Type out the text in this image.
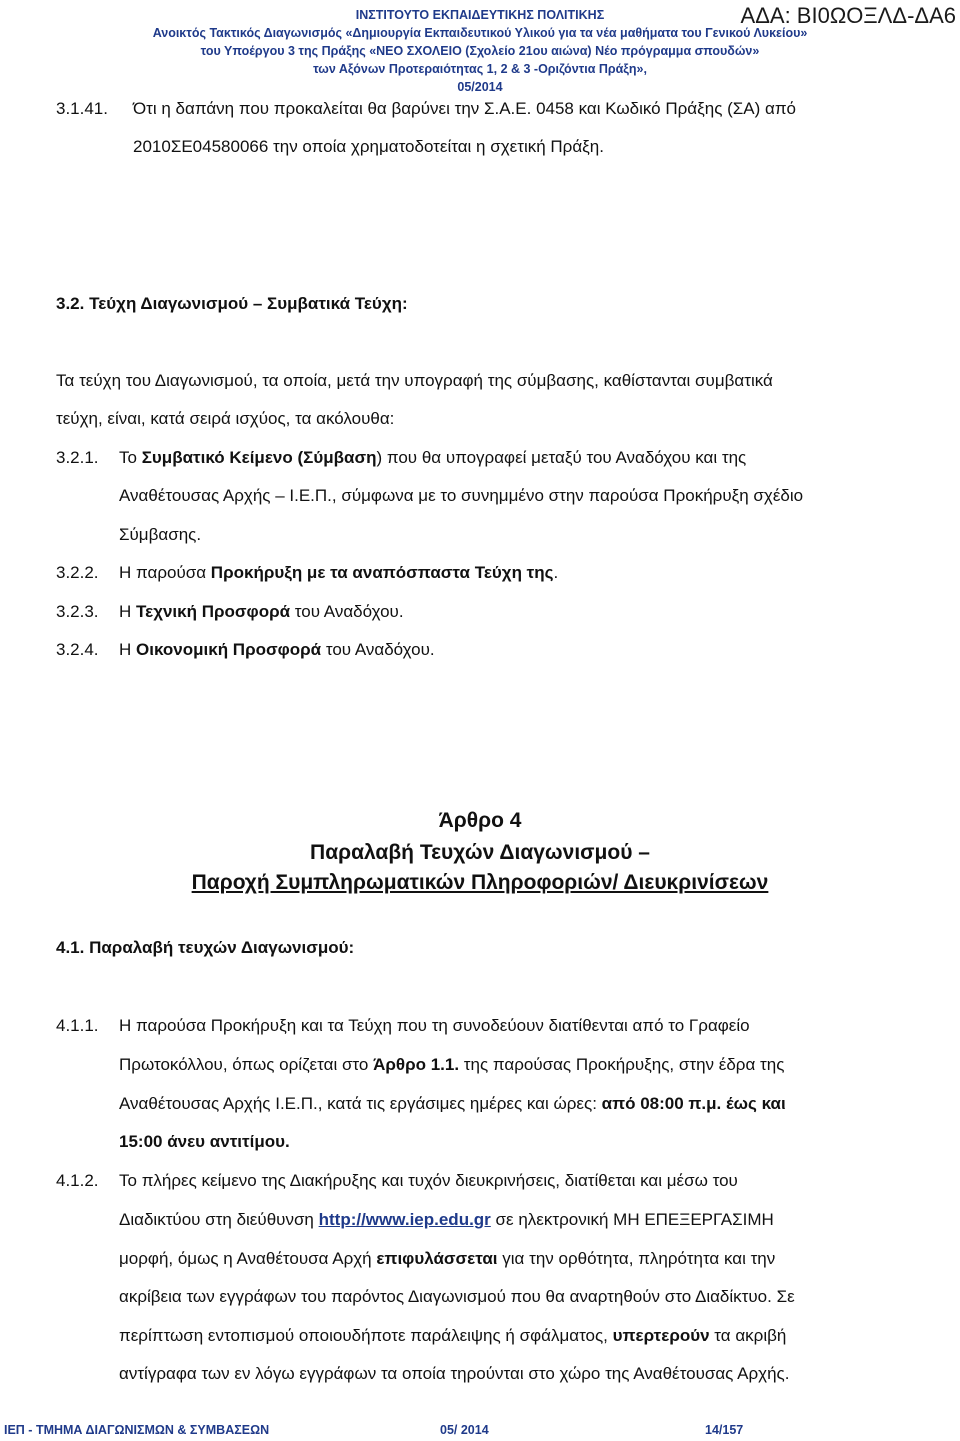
ΙΝΣΤΙΤΟΥΤΟ ΕΚΠΑΙΔΕΥΤΙΚΗΣ ΠΟΛΙΤΙΚΗΣ
Ανοικτός Τακτικός Διαγωνισμός «Δημιουργία Εκπαιδευτικού Υλικού για τα νέα μαθήματα του Γενικού Λυκείου»
του Υποέργου 3 της Πράξης «ΝΕΟ ΣΧΟΛΕΙΟ (Σχολείο 21ου αιώνα) Νέο πρόγραμμα σπουδών»
των Αξόνων Προτεραιότητας 1, 2 & 3 -Οριζόντια Πράξη»,
05/2014
ΑΔΑ: ΒΙ0ΩΟΞΛΔ-ΔΑ6
3.1.41. Ότι η δαπάνη που προκαλείται θα βαρύνει την Σ.Α.Ε. 0458 και Κωδικό Πράξης (ΣΑ) από
2010ΣΕ04580066 την οποία χρηματοδοτείται η σχετική Πράξη.
3.2. Τεύχη Διαγωνισμού – Συμβατικά Τεύχη:
Τα τεύχη του Διαγωνισμού, τα οποία, μετά την υπογραφή της σύμβασης, καθίστανται συμβατικά
τεύχη, είναι, κατά σειρά ισχύος, τα ακόλουθα:
3.2.1. Το Συμβατικό Κείμενο (Σύμβαση) που θα υπογραφεί μεταξύ του Αναδόχου και της
Αναθέτουσας Αρχής – Ι.Ε.Π., σύμφωνα με το συνημμένο στην παρούσα Προκήρυξη σχέδιο
Σύμβασης.
3.2.2. Η παρούσα Προκήρυξη με τα αναπόσπαστα Τεύχη της.
3.2.3. Η Τεχνική Προσφορά του Αναδόχου.
3.2.4. Η Οικονομική Προσφορά του Αναδόχου.
Άρθρο 4
Παραλαβή Τευχών Διαγωνισμού –
Παροχή Συμπληρωματικών Πληροφοριών/ Διευκρινίσεων
4.1. Παραλαβή τευχών Διαγωνισμού:
4.1.1. Η παρούσα Προκήρυξη και τα Τεύχη που τη συνοδεύουν διατίθενται από το Γραφείο
Πρωτοκόλλου, όπως ορίζεται στο Άρθρο 1.1. της παρούσας Προκήρυξης, στην έδρα της
Αναθέτουσας Αρχής Ι.Ε.Π., κατά τις εργάσιμες ημέρες και ώρες: από 08:00 π.μ. έως και
15:00 άνευ αντιτίμου.
4.1.2. Το πλήρες κείμενο της Διακήρυξης και τυχόν διευκρινήσεις, διατίθεται και μέσω του
Διαδικτύου στη διεύθυνση http://www.iep.edu.gr σε ηλεκτρονική ΜΗ ΕΠΕΞΕΡΓΑΣΙΜΗ
μορφή, όμως η Αναθέτουσα Αρχή επιφυλάσσεται για την ορθότητα, πληρότητα και την
ακρίβεια των εγγράφων του παρόντος Διαγωνισμού που θα αναρτηθούν στο Διαδίκτυο. Σε
περίπτωση εντοπισμού οποιουδήποτε παράλειψης ή σφάλματος, υπερτερούν τα ακριβή
αντίγραφα των εν λόγω εγγράφων τα οποία τηρούνται στο χώρο της Αναθέτουσας Αρχής.
ΙΕΠ - ΤΜΗΜΑ ΔΙΑΓΩΝΙΣΜΩΝ & ΣΥΜΒΑΣΕΩΝ	05/ 2014	14/157
